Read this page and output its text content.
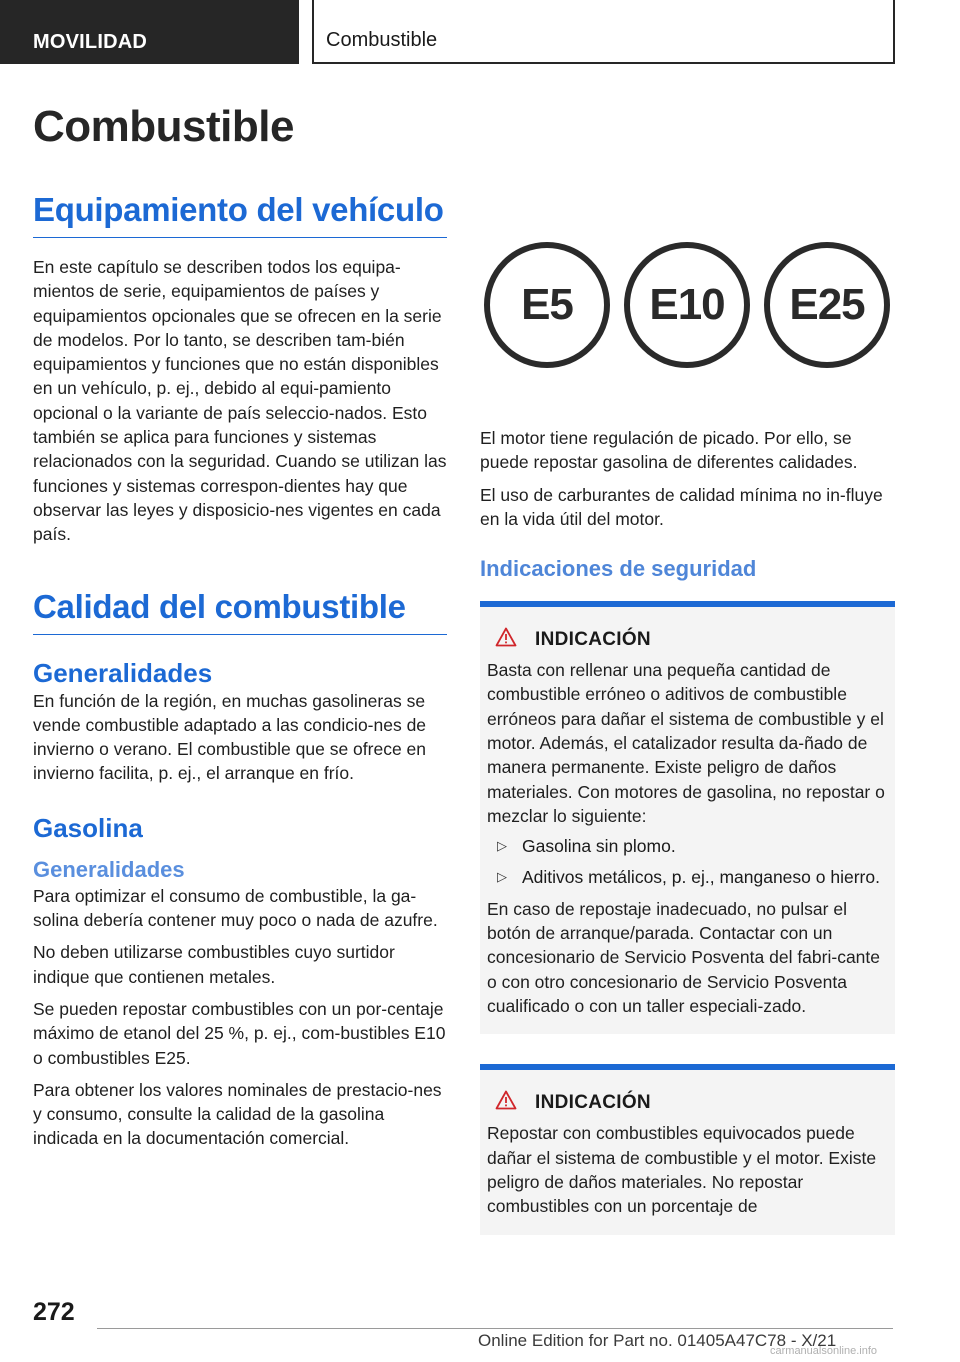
MOVILIDAD	Combustible
Combustible
Equipamiento del vehículo

En este capítulo se describen todos los equipa-mientos de serie, equipamientos de países y equipamientos opcionales que se ofrecen en la serie de modelos. Por lo tanto, se describen tam-bién equipamientos y funciones que no están disponibles en un vehículo, p. ej., debido al equi-pamiento opcional o la variante de país seleccio-nados. Esto también se aplica para funciones y sistemas relacionados con la seguridad. Cuando se utilizan las funciones y sistemas correspon-dientes hay que observar las leyes y disposicio-nes vigentes en cada país.

Calidad del combustible
Generalidades

En función de la región, en muchas gasolineras se vende combustible adaptado a las condicio-nes de invierno o verano. El combustible que se ofrece en invierno facilita, p. ej., el arranque en frío.

Gasolina
Generalidades

Para optimizar el consumo de combustible, la ga-solina debería contener muy poco o nada de azufre.

No deben utilizarse combustibles cuyo surtidor indique que contienen metales.

Se pueden repostar combustibles con un por-centaje máximo de etanol del 25 %, p. ej., com-bustibles E10 o combustibles E25.

Para obtener los valores nominales de prestacio-nes y consumo, consulte la calidad de la gasolina indicada en la documentación comercial.

E5	E10	E25

El motor tiene regulación de picado. Por ello, se puede repostar gasolina de diferentes calidades.

El uso de carburantes de calidad mínima no in-fluye en la vida útil del motor.

Indicaciones de seguridad
INDICACIÓN

Basta con rellenar una pequeña cantidad de combustible erróneo o aditivos de combustible erróneos para dañar el sistema de combustible y el motor. Además, el catalizador resulta da-ñado de manera permanente. Existe peligro de daños materiales. Con motores de gasolina, no repostar o mezclar lo siguiente:

▷ Gasolina sin plomo.
▷ Aditivos metálicos, p. ej., manganeso o hierro.

En caso de repostaje inadecuado, no pulsar el botón de arranque/parada. Contactar con un concesionario de Servicio Posventa del fabri-cante o con otro concesionario de Servicio Posventa cualificado o con un taller especiali-zado.

INDICACIÓN

Repostar con combustibles equivocados puede dañar el sistema de combustible y el motor. Existe peligro de daños materiales. No repostar combustibles con un porcentaje de

272
Online Edition for Part no. 01405A47C78 - X/21
carmanualsonline.info
